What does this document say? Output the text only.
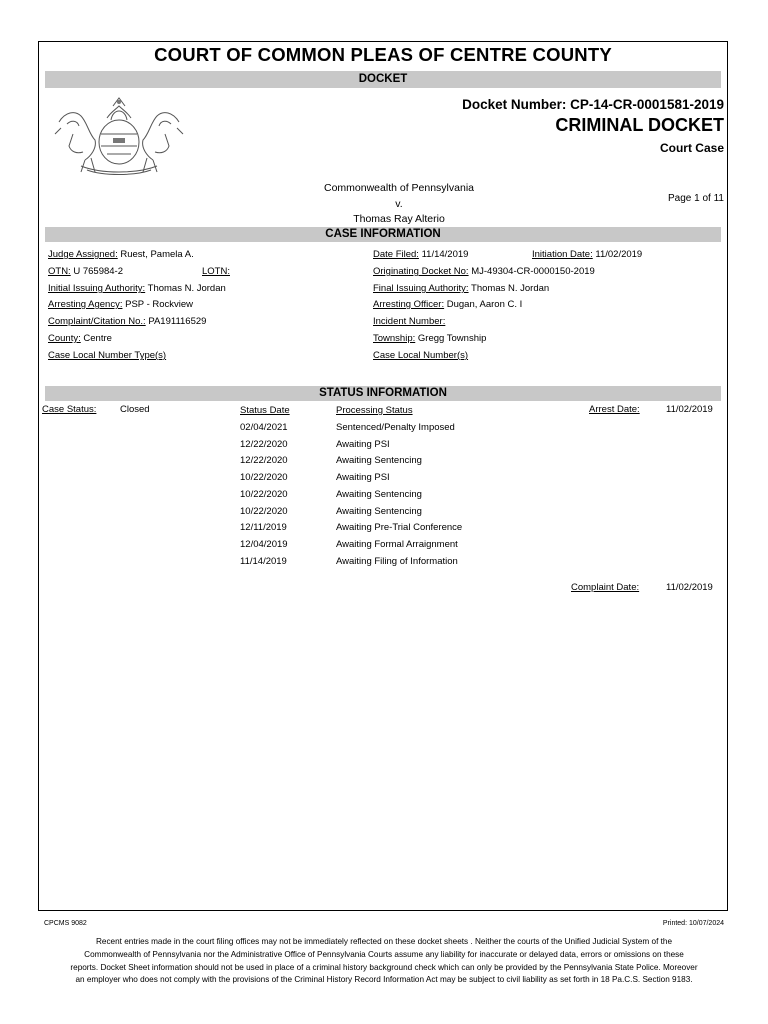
COURT OF COMMON PLEAS OF CENTRE COUNTY
DOCKET
Docket Number: CP-14-CR-0001581-2019
CRIMINAL DOCKET
Court Case
Commonwealth of Pennsylvania
v.
Thomas Ray Alterio
Page 1 of 11
CASE INFORMATION
Judge Assigned: Ruest, Pamela A.
OTN: U 765984-2	LOTN:
Initial Issuing Authority: Thomas N. Jordan
Arresting Agency: PSP - Rockview
Complaint/Citation No.: PA191116529
County: Centre
Case Local Number Type(s)
Date Filed: 11/14/2019	Initiation Date: 11/02/2019
Originating Docket No: MJ-49304-CR-0000150-2019
Final Issuing Authority: Thomas N. Jordan
Arresting Officer: Dugan, Aaron C. I
Incident Number:
Township: Gregg Township
Case Local Number(s)
STATUS INFORMATION
Case Status: Closed	Status Date	Processing Status	Arrest Date:	11/02/2019
02/04/2021	Sentenced/Penalty Imposed
12/22/2020	Awaiting PSI
12/22/2020	Awaiting Sentencing
10/22/2020	Awaiting PSI
10/22/2020	Awaiting Sentencing
10/22/2020	Awaiting Sentencing
12/11/2019	Awaiting Pre-Trial Conference
12/04/2019	Awaiting Formal Arraignment
11/14/2019	Awaiting Filing of Information
Complaint Date:	11/02/2019
CPCMS 9082	Printed: 10/07/2024
Recent entries made in the court filing offices may not be immediately reflected on these docket sheets . Neither the courts of the Unified Judicial System of the Commonwealth of Pennsylvania nor the Administrative Office of Pennsylvania Courts assume any liability for inaccurate or delayed data, errors or omissions on these reports. Docket Sheet information should not be used in place of a criminal history background check which can only be provided by the Pennsylvania State Police. Moreover an employer who does not comply with the provisions of the Criminal History Record Information Act may be subject to civil liability as set forth in 18 Pa.C.S. Section 9183.
